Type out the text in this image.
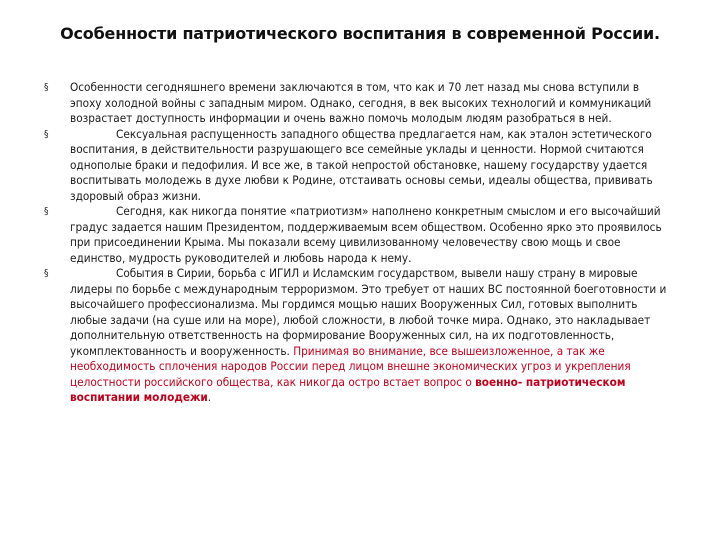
Особенности патриотического воспитания в современной России.

§ Особенности сегодняшнего времени заключаются в том, что как и 70 лет назад мы снова вступили в эпоху холодной войны с западным миром. Однако, сегодня, в век высоких технологий и коммуникаций возрастает доступность информации и очень важно помочь молодым людям разобраться в ней.

§	Сексуальная распущенность западного общества предлагается нам, как эталон эстетического воспитания, в действительности разрушающего все семейные уклады и ценности. Нормой считаются однополые браки и педофилия. И все же, в такой непростой обстановке, нашему государству удается воспитывать молодежь в духе любви к Родине, отстаивать основы семьи, идеалы общества, прививать здоровый образ жизни.

§	Сегодня, как никогда понятие «патриотизм» наполнено конкретным смыслом и его высочайший градус задается нашим Президентом, поддерживаемым всем обществом. Особенно ярко это проявилось при присоединении Крыма. Мы показали всему цивилизованному человечеству свою мощь и свое единство, мудрость руководителей и любовь народа к нему.

§	События в Сирии, борьба с ИГИЛ и Исламским государством, вывели нашу страну в мировые лидеры по борьбе с международным терроризмом. Это требует от наших ВС постоянной боеготовности и высочайшего профессионализма. Мы гордимся мощью наших Вооруженных Сил, готовых выполнить любые задачи (на суше или на море), любой сложности, в любой точке мира. Однако, это накладывает дополнительную ответственность на формирование Вооруженных сил, на их подготовленность, укомплектованность и вооруженность. Принимая во внимание, все вышеизложенное, а так же необходимость сплочения народов России перед лицом внешне экономических угроз и укрепления целостности российского общества, как никогда остро встает вопрос о военно- патриотическом воспитании молодежи.
